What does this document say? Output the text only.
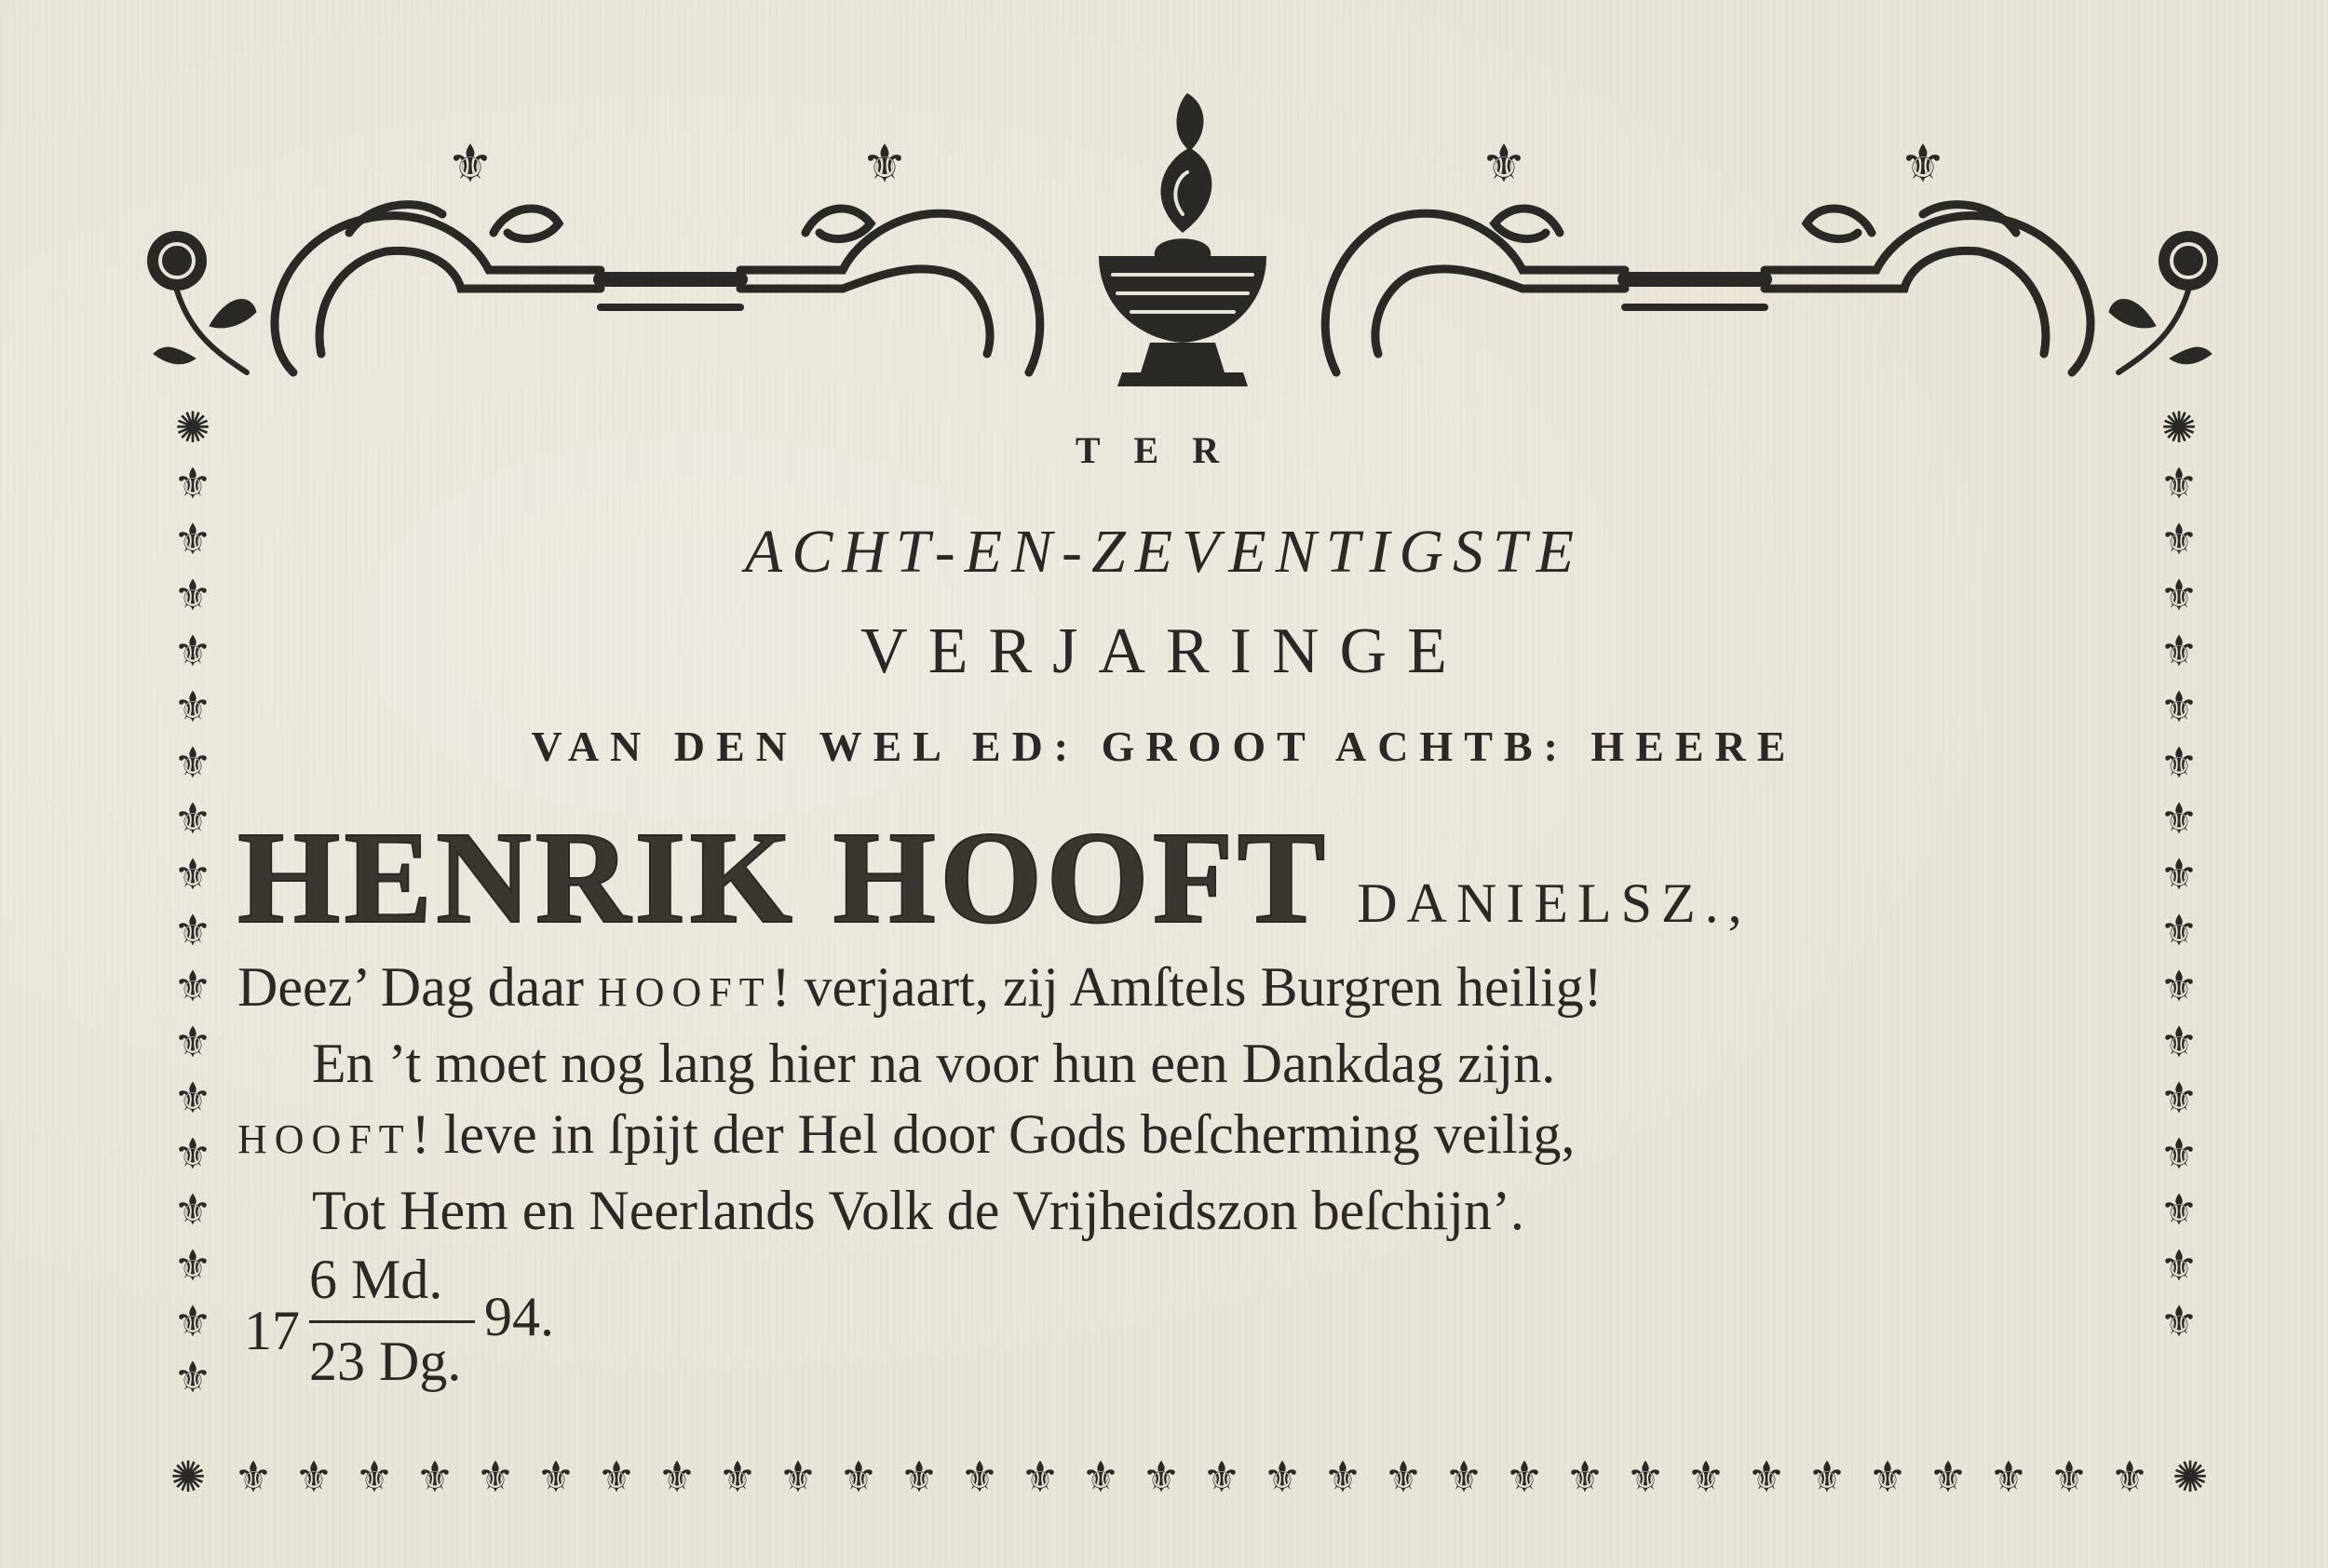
⚜	⚜	⚜	⚜
✺
⚜
⚜
⚜
⚜
⚜
⚜
⚜
⚜
⚜
⚜
⚜
⚜
⚜
⚜
⚜
⚜
⚜
✺
⚜
⚜
⚜
⚜
⚜
⚜
⚜
⚜
⚜
⚜
⚜
⚜
⚜
⚜
⚜
⚜
✺ ⚜ ⚜ ⚜ ⚜ ⚜ ⚜ ⚜ ⚜ ⚜ ⚜ ⚜ ⚜ ⚜ ⚜ ⚜ ⚜ ⚜ ⚜ ⚜ ⚜ ⚜ ⚜ ⚜ ⚜ ⚜ ⚜ ⚜ ⚜ ⚜ ⚜ ⚜ ⚜ ✺
TER
ACHT-EN-ZEVENTIGSTE
VERJARINGE
VAN DEN WEL ED: GROOT ACHTB: HEERE
HENRIK HOOFT DANIELSZ.,
Deez’ Dag daar HOOFT! verjaart, zij Amſtels Burgren heilig!
En ’t moet nog lang hier na voor hun een Dankdag zijn.
HOOFT! leve in ſpijt der Hel door Gods beſcherming veilig,
Tot Hem en Neerlands Volk de Vrijheidszon beſchijn’.
17
6 Md.
23 Dg.
94.
